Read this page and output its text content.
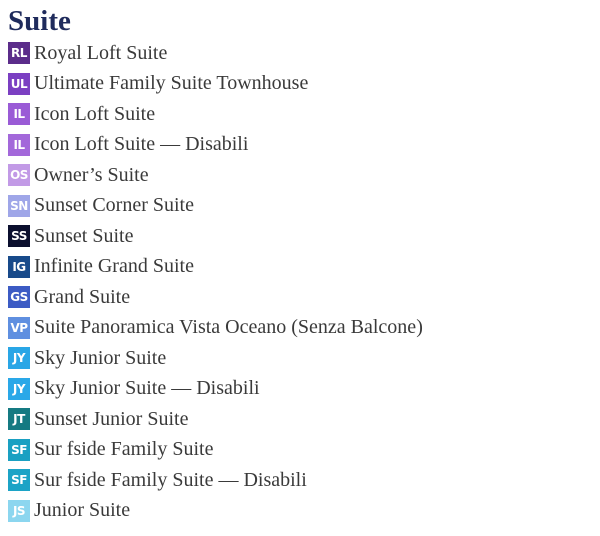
Suite
RL Royal Loft Suite
UL Ultimate Family Suite Townhouse
IL Icon Loft Suite
IL Icon Loft Suite — Disabili
OS Owner’s Suite
SN Sunset Corner Suite
SS Sunset Suite
IG Infinite Grand Suite
GS Grand Suite
VP Suite Panoramica Vista Oceano (Senza Balcone)
JY Sky Junior Suite
JY Sky Junior Suite — Disabili
JT Sunset Junior Suite
SF Sur fside Family Suite
SF Sur fside Family Suite — Disabili
JS Junior Suite
